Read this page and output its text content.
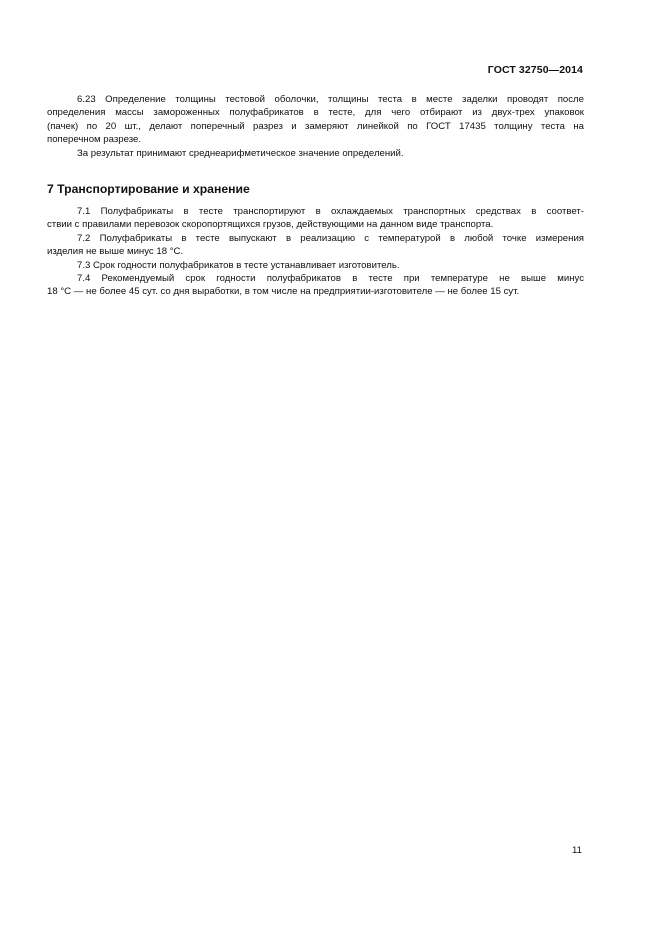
ГОСТ 32750—2014

6.23 Определение толщины тестовой оболочки, толщины теста в месте заделки проводят после
определения массы замороженных полуфабрикатов в тесте, для чего отбирают из двух-трех упаковок
(пачек) по 20 шт., делают поперечный разрез и замеряют линейкой по ГОСТ 17435 толщину теста на
поперечном разрезе.

За результат принимают среднеарифметическое значение определений.

7 Транспортирование и хранение

7.1 Полуфабрикаты в тесте транспортируют в охлаждаемых транспортных средствах в соответ-
ствии с правилами перевозок скоропортящихся грузов, действующими на данном виде транспорта.

7.2 Полуфабрикаты в тесте выпускают в реализацию с температурой в любой точке измерения
изделия не выше минус 18 °С.

7.3 Срок годности полуфабрикатов в тесте устанавливает изготовитель.

7.4 Рекомендуемый срок годности полуфабрикатов в тесте при температуре не выше минус
18 °С — не более 45 сут. со дня выработки, в том числе на предприятии-изготовителе — не более 15 сут.

11
